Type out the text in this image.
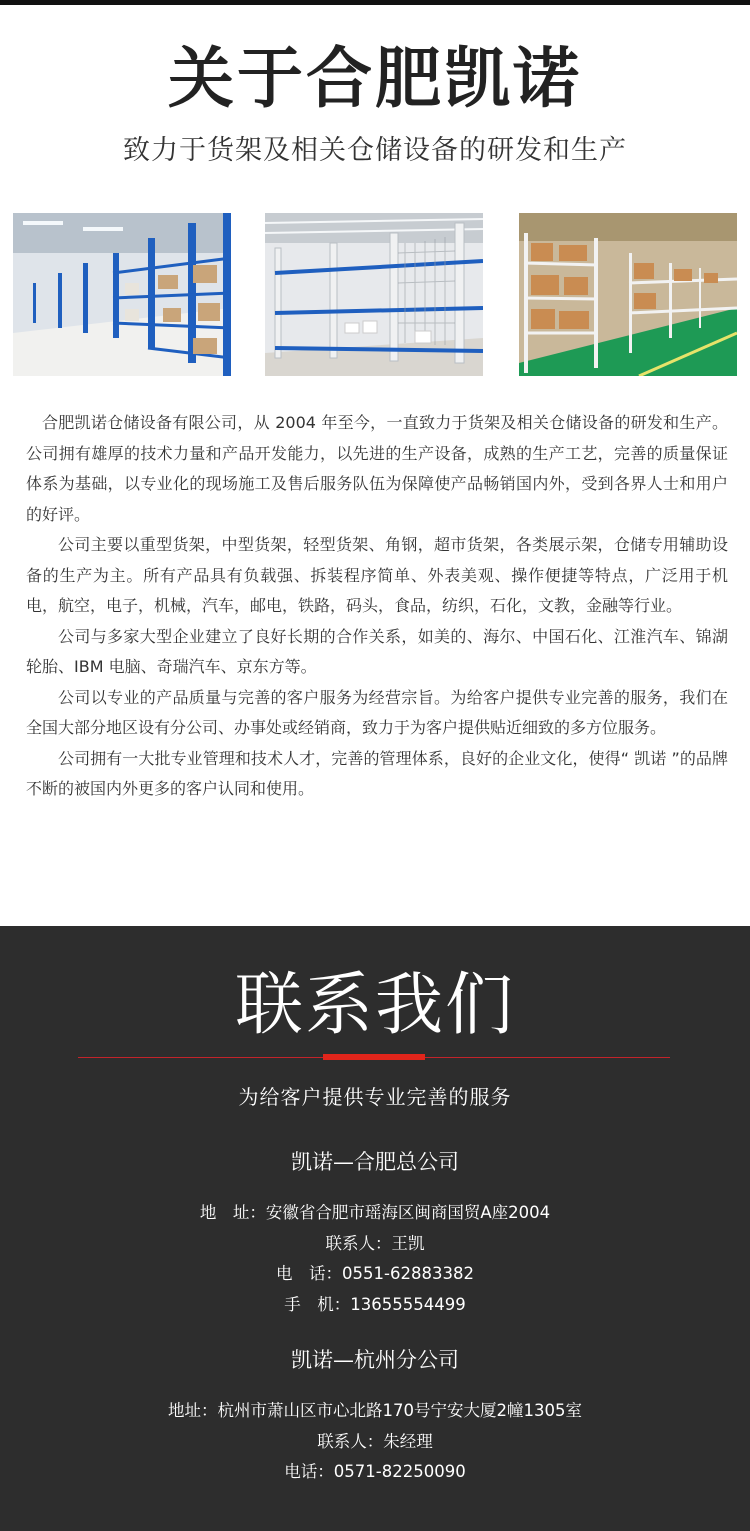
关于合肥凯诺
致力于货架及相关仓储设备的研发和生产

合肥凯诺仓储设备有限公司，从 2004 年至今，一直致力于货架及相关仓储设备的研发和生产。公司拥有雄厚的技术力量和产品开发能力，以先进的生产设备，成熟的生产工艺，完善的质量保证体系为基础，以专业化的现场施工及售后服务队伍为保障使产品畅销国内外，受到各界人士和用户的好评。

公司主要以重型货架，中型货架，轻型货架、角钢，超市货架，各类展示架，仓储专用辅助设备的生产为主。所有产品具有负载强、拆装程序简单、外表美观、操作便捷等特点，广泛用于机电，航空，电子，机械，汽车，邮电，铁路，码头，食品，纺织，石化，文教，金融等行业。

公司与多家大型企业建立了良好长期的合作关系，如美的、海尔、中国石化、江淮汽车、锦湖轮胎、IBM 电脑、奇瑞汽车、京东方等。

公司以专业的产品质量与完善的客户服务为经营宗旨。为给客户提供专业完善的服务，我们在全国大部分地区设有分公司、办事处或经销商，致力于为客户提供贴近细致的多方位服务。

公司拥有一大批专业管理和技术人才，完善的管理体系，良好的企业文化，使得“ 凯诺 ”的品牌不断的被国内外更多的客户认同和使用。

联系我们
为给客户提供专业完善的服务
凯诺—合肥总公司
地　址：安徽省合肥市瑶海区闽商国贸A座2004
联系人：王凯
电　话：0551-62883382
手　机：13655554499
凯诺—杭州分公司
地址：杭州市萧山区市心北路170号宁安大厦2幢1305室
联系人：朱经理
电话：0571-82250090
